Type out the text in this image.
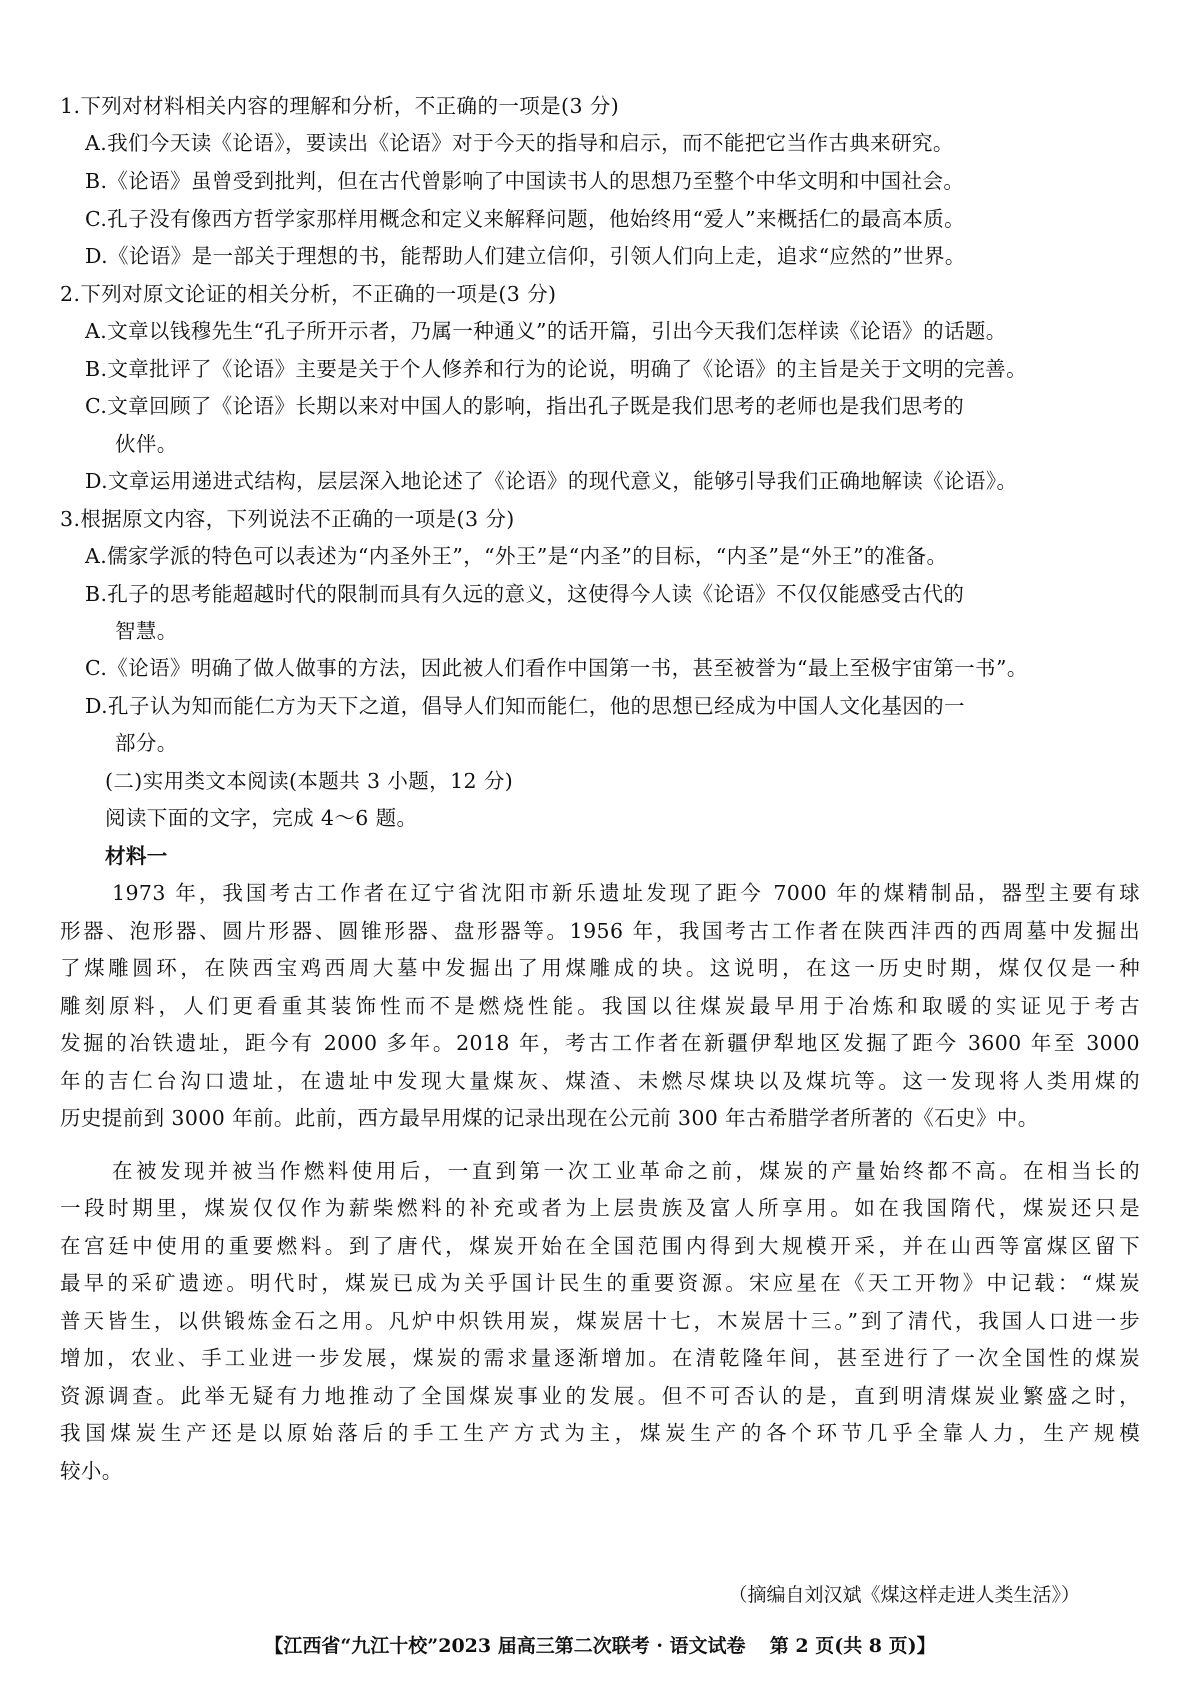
1.下列对材料相关内容的理解和分析，不正确的一项是(3 分)
A.我们今天读《论语》，要读出《论语》对于今天的指导和启示，而不能把它当作古典来研究。
B.《论语》虽曾受到批判，但在古代曾影响了中国读书人的思想乃至整个中华文明和中国社会。
C.孔子没有像西方哲学家那样用概念和定义来解释问题，他始终用“爱人”来概括仁的最高本质。
D.《论语》是一部关于理想的书，能帮助人们建立信仰，引领人们向上走，追求“应然的”世界。
2.下列对原文论证的相关分析，不正确的一项是(3 分)
A.文章以钱穆先生“孔子所开示者，乃属一种通义”的话开篇，引出今天我们怎样读《论语》的话题。
B.文章批评了《论语》主要是关于个人修养和行为的论说，明确了《论语》的主旨是关于文明的完善。
C.文章回顾了《论语》长期以来对中国人的影响，指出孔子既是我们思考的老师也是我们思考的
伙伴。
D.文章运用递进式结构，层层深入地论述了《论语》的现代意义，能够引导我们正确地解读《论语》。
3.根据原文内容，下列说法不正确的一项是(3 分)
A.儒家学派的特色可以表述为“内圣外王”，“外王”是“内圣”的目标，“内圣”是“外王”的准备。
B.孔子的思考能超越时代的限制而具有久远的意义，这使得今人读《论语》不仅仅能感受古代的
智慧。
C.《论语》明确了做人做事的方法，因此被人们看作中国第一书，甚至被誉为“最上至极宇宙第一书”。
D.孔子认为知而能仁方为天下之道，倡导人们知而能仁，他的思想已经成为中国人文化基因的一
部分。
(二)实用类文本阅读(本题共 3 小题，12 分)
阅读下面的文字，完成 4～6 题。
材料一
1973 年，我国考古工作者在辽宁省沈阳市新乐遗址发现了距今 7000 年的煤精制品，器型主要有球
形器、泡形器、圆片形器、圆锥形器、盘形器等。1956 年，我国考古工作者在陕西沣西的西周墓中发掘出
了煤雕圆环，在陕西宝鸡西周大墓中发掘出了用煤雕成的块。这说明，在这一历史时期，煤仅仅是一种
雕刻原料，人们更看重其装饰性而不是燃烧性能。我国以往煤炭最早用于冶炼和取暖的实证见于考古
发掘的冶铁遗址，距今有 2000 多年。2018 年，考古工作者在新疆伊犁地区发掘了距今 3600 年至 3000
年的吉仁台沟口遗址，在遗址中发现大量煤灰、煤渣、未燃尽煤块以及煤坑等。这一发现将人类用煤的
历史提前到 3000 年前。此前，西方最早用煤的记录出现在公元前 300 年古希腊学者所著的《石史》中。
在被发现并被当作燃料使用后，一直到第一次工业革命之前，煤炭的产量始终都不高。在相当长的
一段时期里，煤炭仅仅作为薪柴燃料的补充或者为上层贵族及富人所享用。如在我国隋代，煤炭还只是
在宫廷中使用的重要燃料。到了唐代，煤炭开始在全国范围内得到大规模开采，并在山西等富煤区留下
最早的采矿遗迹。明代时，煤炭已成为关乎国计民生的重要资源。宋应星在《天工开物》中记载：“煤炭
普天皆生，以供锻炼金石之用。凡炉中炽铁用炭，煤炭居十七，木炭居十三。”到了清代，我国人口进一步
增加，农业、手工业进一步发展，煤炭的需求量逐渐增加。在清乾隆年间，甚至进行了一次全国性的煤炭
资源调查。此举无疑有力地推动了全国煤炭事业的发展。但不可否认的是，直到明清煤炭业繁盛之时，
我国煤炭生产还是以原始落后的手工生产方式为主，煤炭生产的各个环节几乎全靠人力，生产规模
较小。
（摘编自刘汉斌《煤这样走进人类生活》）
【江西省“九江十校”2023 届高三第二次联考 · 语文试卷 第 2 页(共 8 页)】
